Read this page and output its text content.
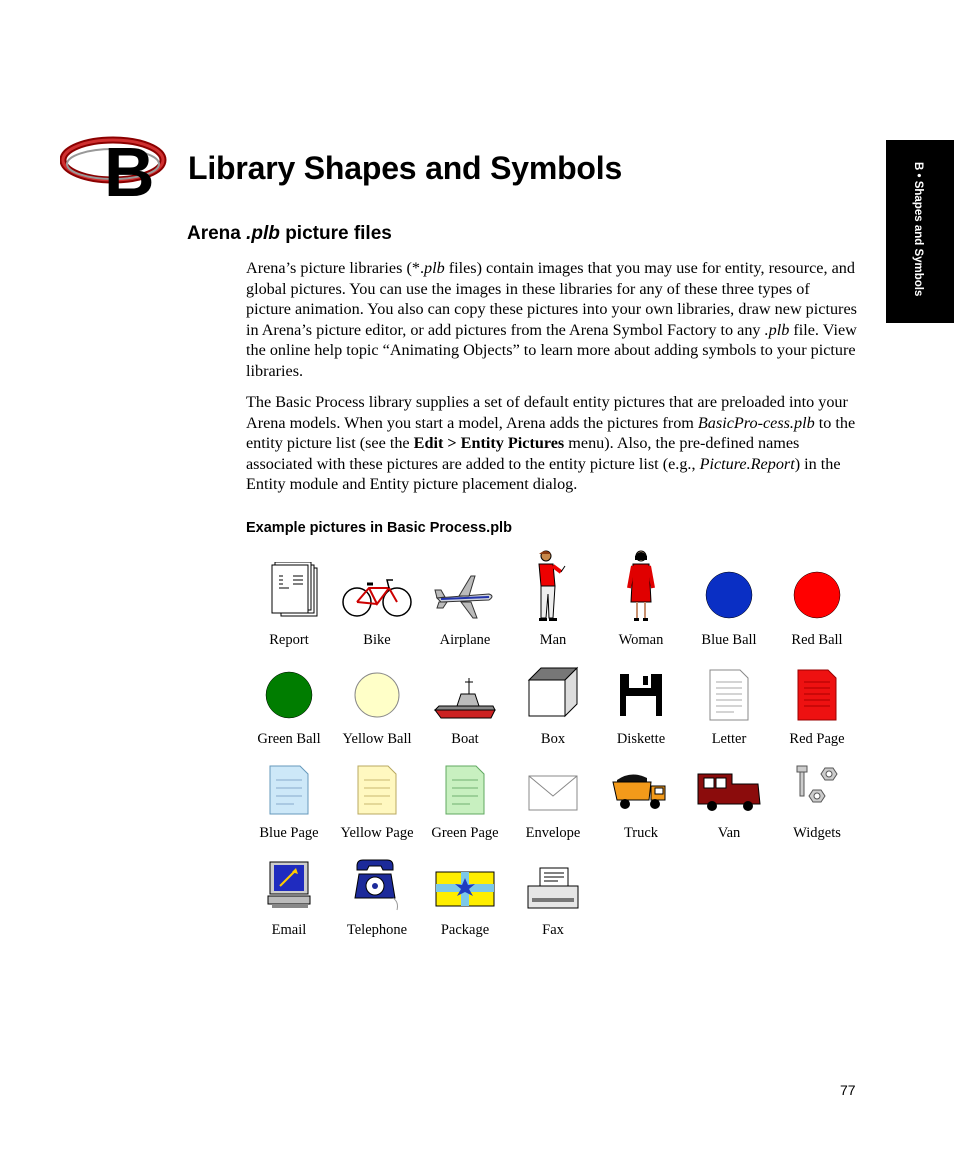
B Library Shapes and Symbols	B • Shapes and Symbols
Arena .plb picture files

Arena’s picture libraries (*.plb files) contain images that you may use for entity, resource, and global pictures. You can use the images in these libraries for any of these three types of picture animation. You also can copy these pictures into your own libraries, draw new pictures in Arena’s picture editor, or add pictures from the Arena Symbol Factory to any .plb file. View the online help topic “Animating Objects” to learn more about adding symbols to your picture libraries.

The Basic Process library supplies a set of default entity pictures that are preloaded into your Arena models. When you start a model, Arena adds the pictures from BasicPro-cess.plb to the entity picture list (see the Edit > Entity Pictures menu). Also, the pre-defined names associated with these pictures are added to the entity picture list (e.g., Picture.Report) in the Entity module and Entity picture placement dialog.

Example pictures in Basic Process.plb
Report	Bike	Airplane	Man	Woman	Blue Ball	Red Ball
Green Ball	Yellow Ball	Boat	Box	Diskette	Letter	Red Page
Blue Page	Yellow Page	Green Page	Envelope	Truck	Van	Widgets
Email	Telephone	Package	Fax
77
